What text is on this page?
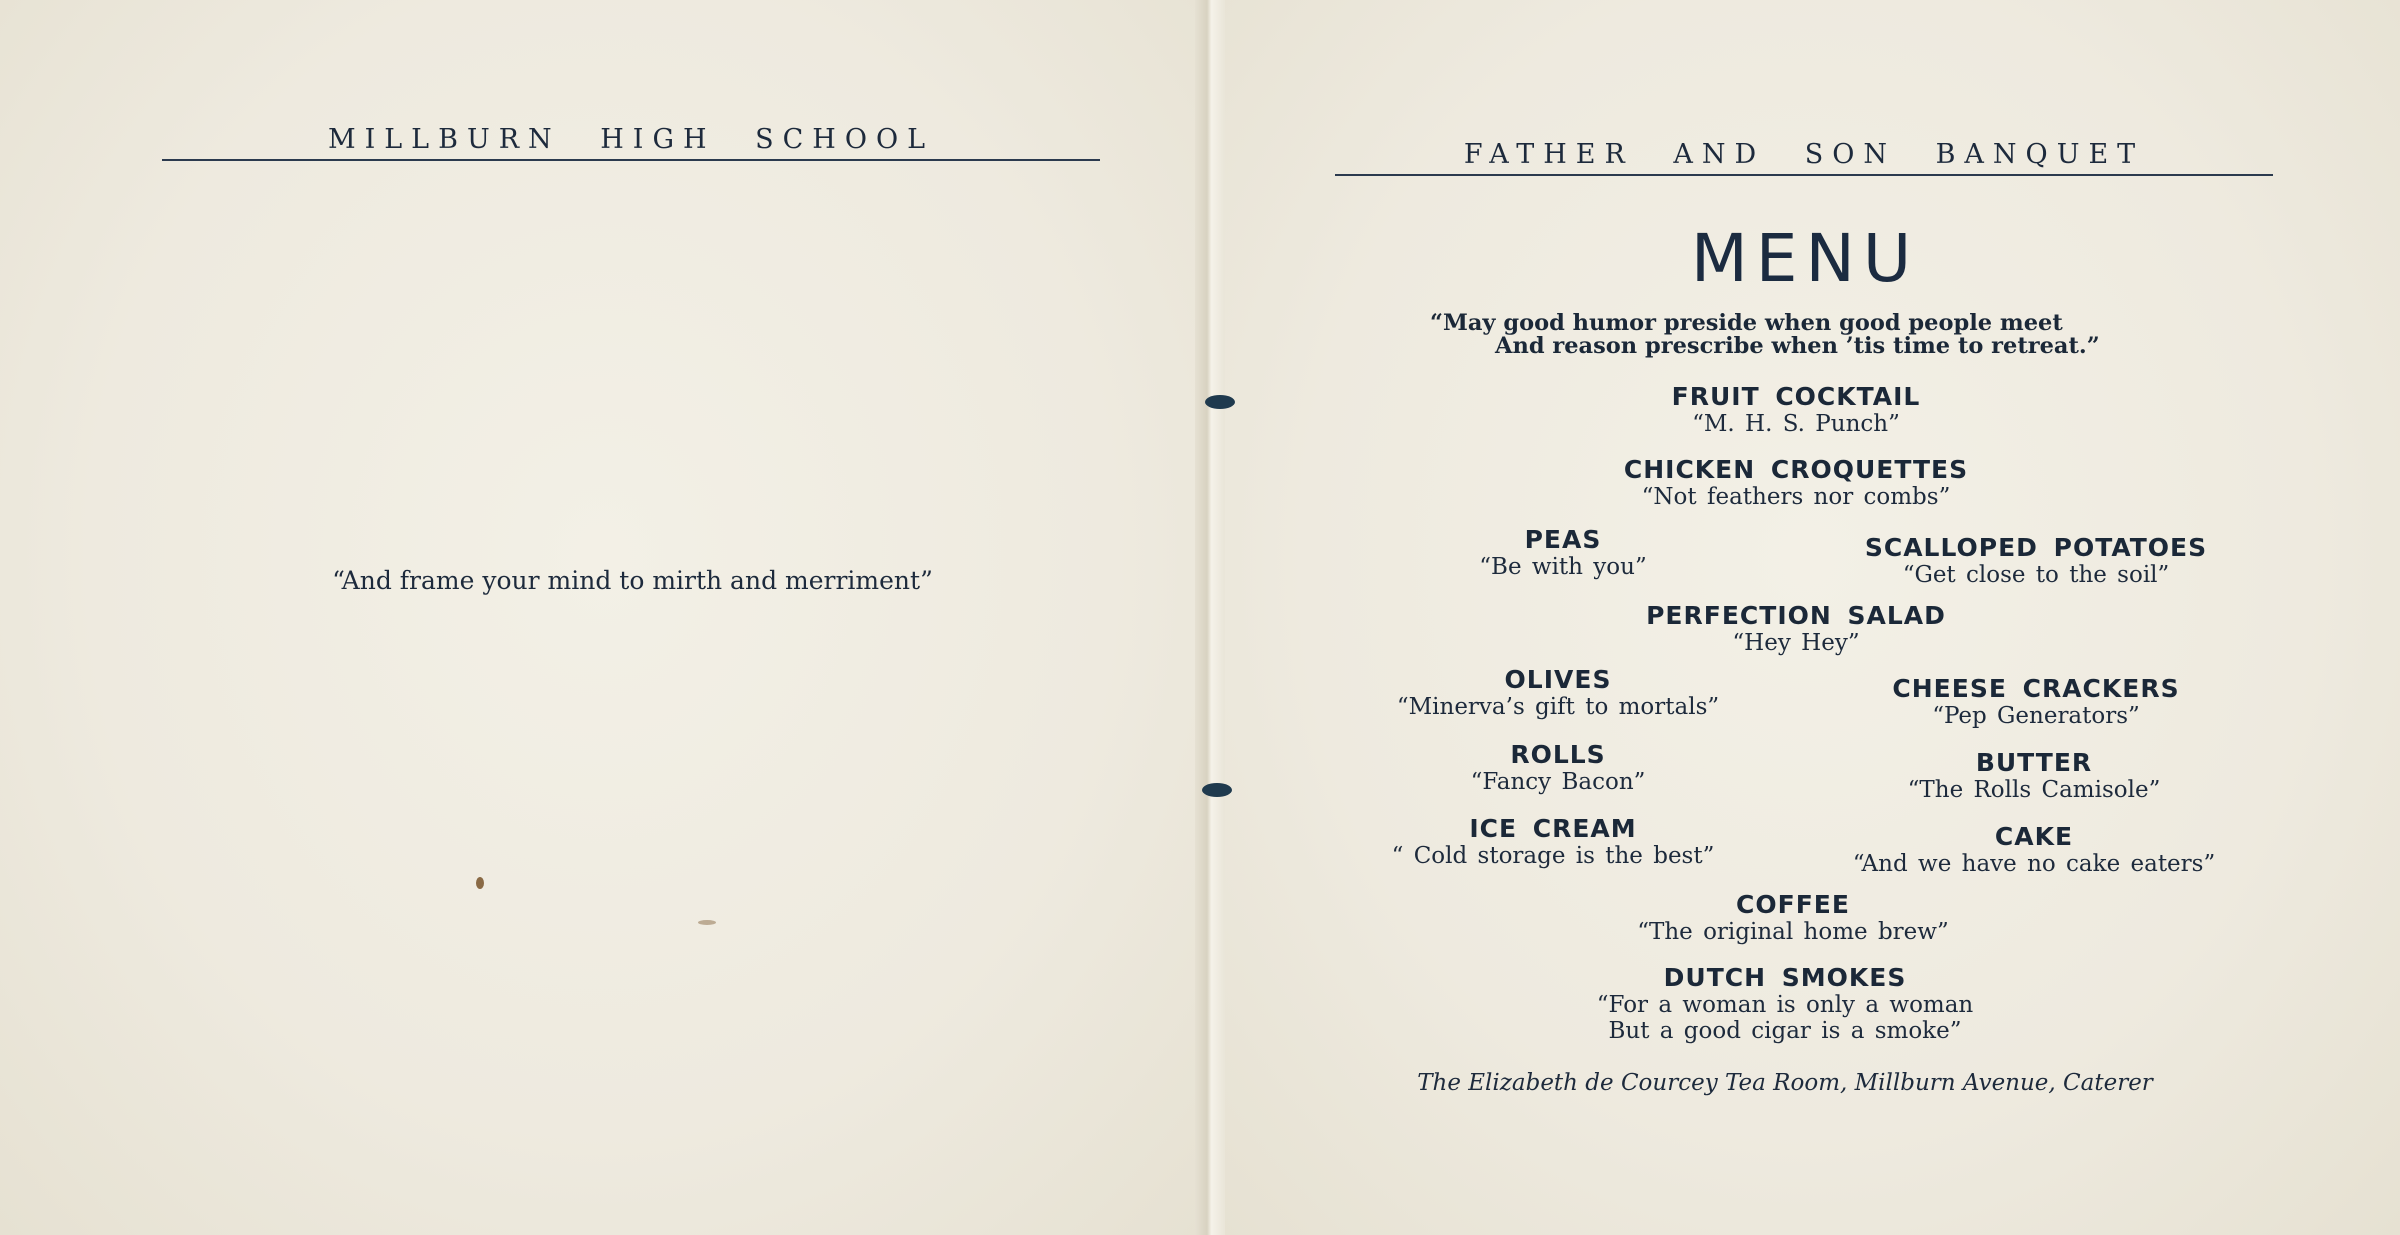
MILLBURN HIGH SCHOOL
“And frame your mind to mirth and merriment”
FATHER AND SON BANQUET
MENU
“May good humor preside when good people meet
And reason prescribe when ’tis time to retreat.”
FRUIT COCKTAIL
“M. H. S. Punch”
CHICKEN CROQUETTES
“Not feathers nor combs”
PEAS
“Be with you”
SCALLOPED POTATOES
“Get close to the soil”
PERFECTION SALAD
“Hey Hey”
OLIVES
“Minerva’s gift to mortals”
CHEESE CRACKERS
“Pep Generators”
ROLLS
“Fancy Bacon”
BUTTER
“The Rolls Camisole”
ICE CREAM
“ Cold storage is the best”
CAKE
“And we have no cake eaters”
COFFEE
“The original home brew”
DUTCH SMOKES
“For a woman is only a woman
But a good cigar is a smoke”
The Elizabeth de Courcey Tea Room, Millburn Avenue, Caterer
